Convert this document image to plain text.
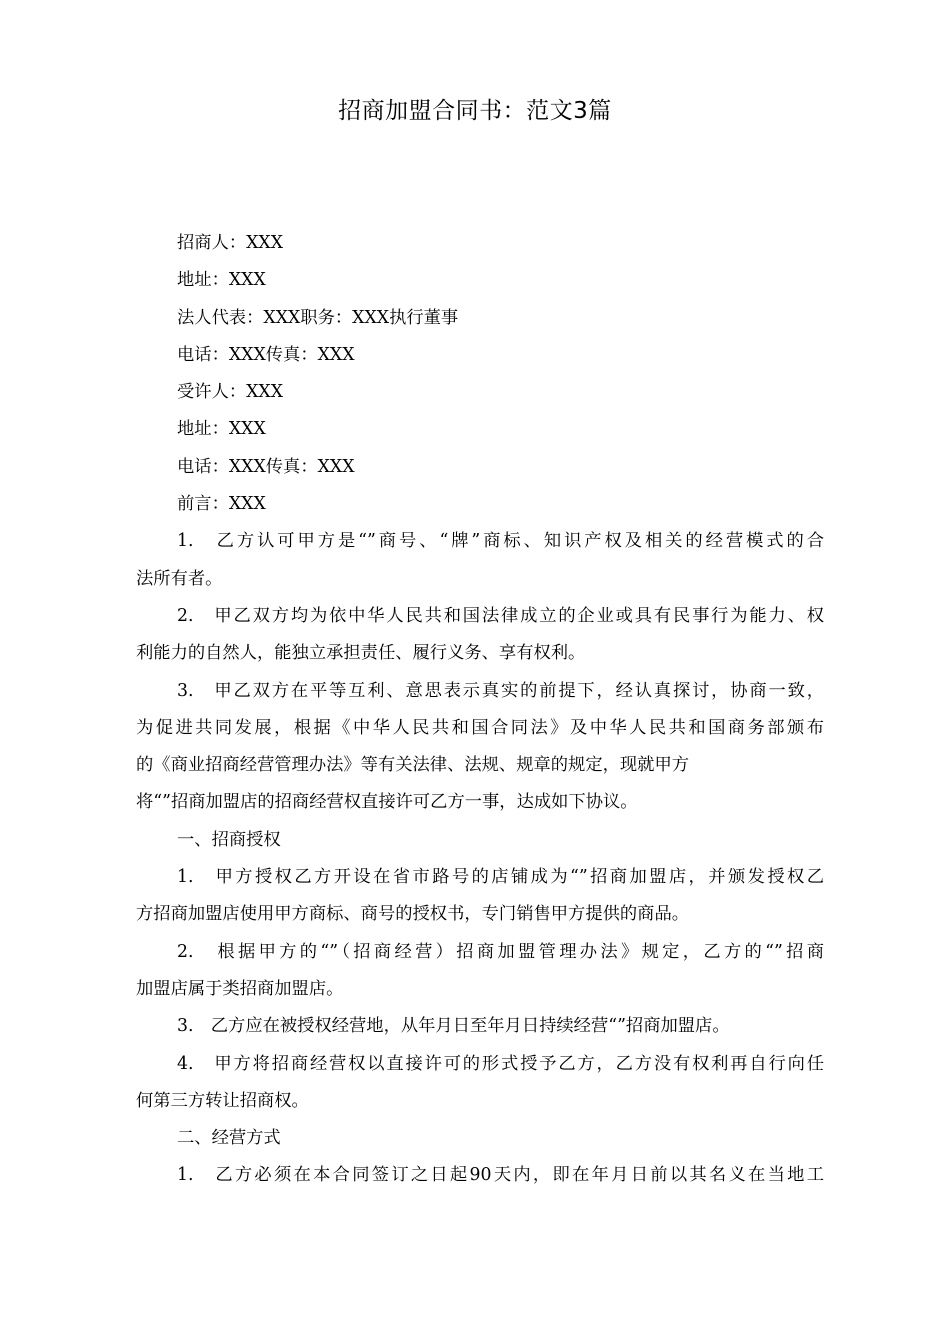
招商加盟合同书：范文3篇

招商人：XXX

地址：XXX

法人代表：XXX职务：XXX执行董事

电话：XXX传真：XXX

受许人：XXX

地址：XXX

电话：XXX传真：XXX

前言：XXX

1.　乙方认可甲方是“”商号、“牌”商标、知识产权及相关的经营模式的合

法所有者。

2.　甲乙双方均为依中华人民共和国法律成立的企业或具有民事行为能力、权

利能力的自然人，能独立承担责任、履行义务、享有权利。

3.　甲乙双方在平等互利、意思表示真实的前提下，经认真探讨，协商一致，

为促进共同发展，根据《中华人民共和国合同法》及中华人民共和国商务部颁布

的《商业招商经营管理办法》等有关法律、法规、规章的规定，现就甲方

将“”招商加盟店的招商经营权直接许可乙方一事，达成如下协议。

一、招商授权

1.　甲方授权乙方开设在省市路号的店铺成为“”招商加盟店，并颁发授权乙

方招商加盟店使用甲方商标、商号的授权书，专门销售甲方提供的商品。

2.　根据甲方的“”（招商经营）招商加盟管理办法》规定，乙方的“”招商

加盟店属于类招商加盟店。

3.　乙方应在被授权经营地，从年月日至年月日持续经营“”招商加盟店。

4.　甲方将招商经营权以直接许可的形式授予乙方，乙方没有权利再自行向任

何第三方转让招商权。

二、经营方式

1.　乙方必须在本合同签订之日起90天内，即在年月日前以其名义在当地工
